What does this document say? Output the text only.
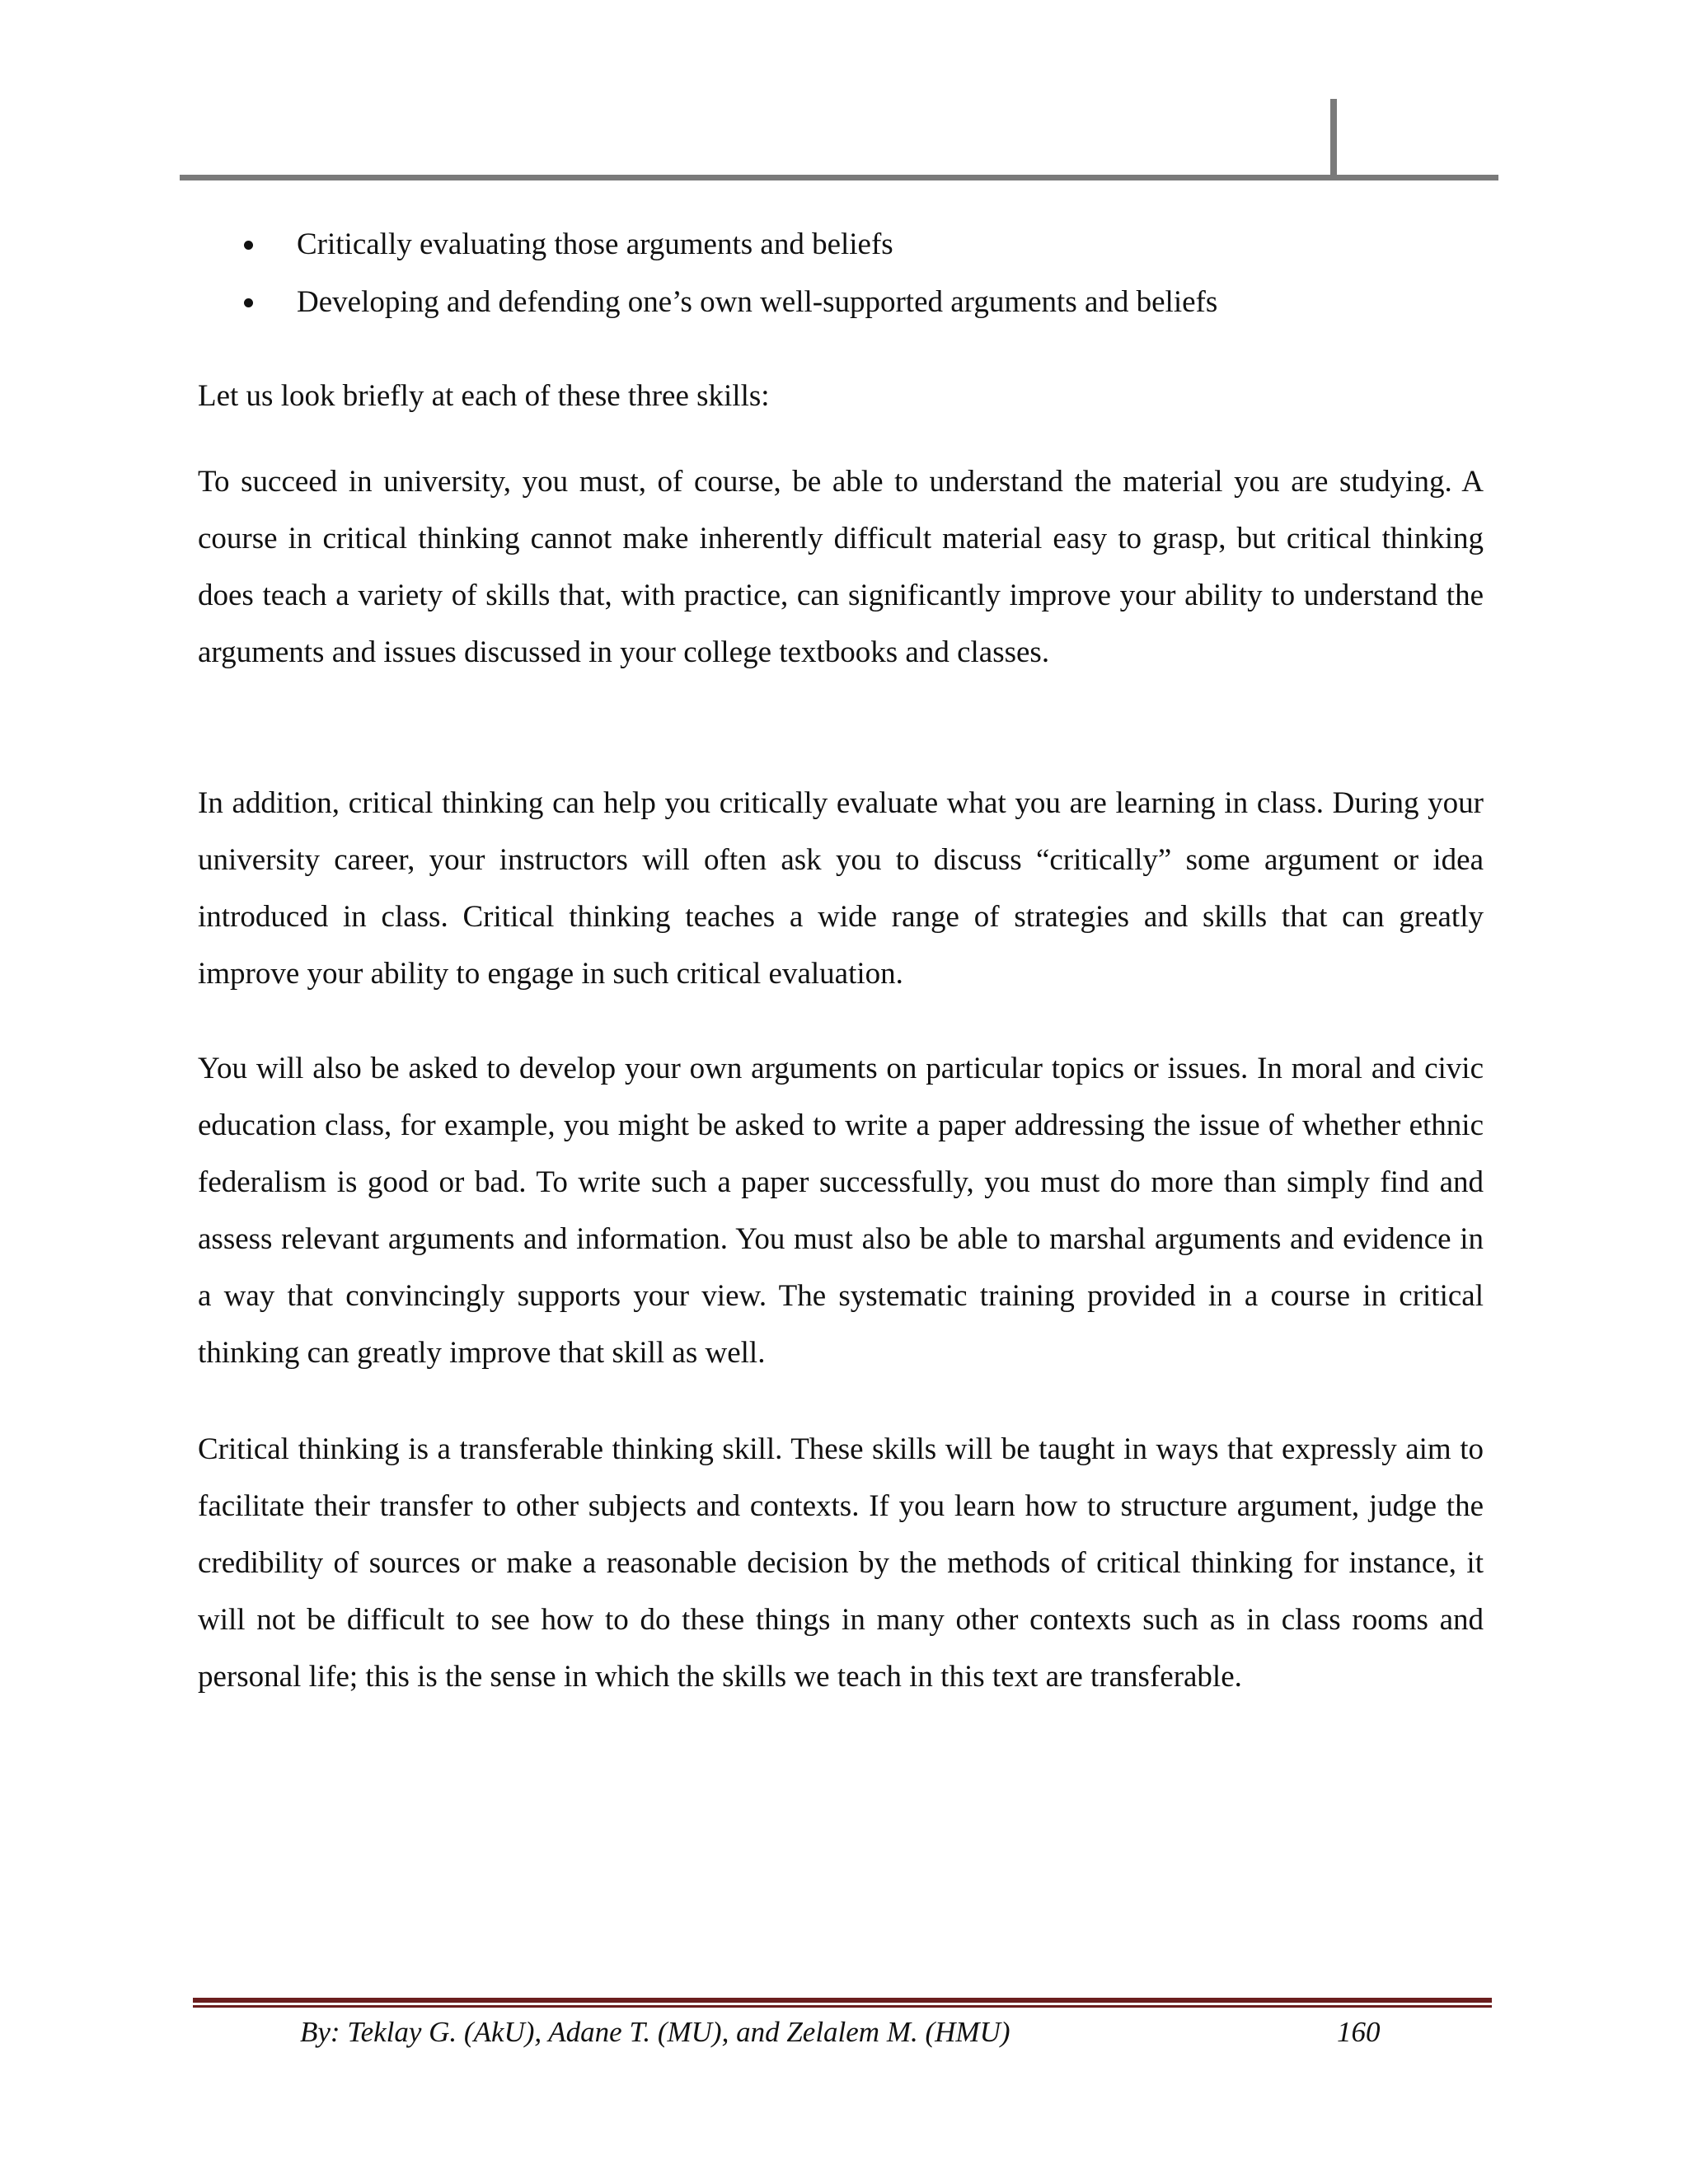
Critically evaluating those arguments and beliefs
Developing and defending one’s own well-supported arguments and beliefs

Let us look briefly at each of these three skills:

To succeed in university, you must, of course, be able to understand the material you are studying. A course in critical thinking cannot make inherently difficult material easy to grasp, but critical thinking does teach a variety of skills that, with practice, can significantly improve your ability to understand the arguments and issues discussed in your college textbooks and classes.

In addition, critical thinking can help you critically evaluate what you are learning in class. During your university career, your instructors will often ask you to discuss “critically” some argument or idea introduced in class. Critical thinking teaches a wide range of strategies and skills that can greatly improve your ability to engage in such critical evaluation.

You will also be asked to develop your own arguments on particular topics or issues. In moral and civic education class, for example, you might be asked to write a paper addressing the issue of whether ethnic federalism is good or bad. To write such a paper successfully, you must do more than simply find and assess relevant arguments and information. You must also be able to marshal arguments and evidence in a way that convincingly supports your view. The systematic training provided in a course in critical thinking can greatly improve that skill as well.

Critical thinking is a transferable thinking skill. These skills will be taught in ways that expressly aim to facilitate their transfer to other subjects and contexts. If you learn how to structure argument, judge the credibility of sources or make a reasonable decision by the methods of critical thinking for instance, it will not be difficult to see how to do these things in many other contexts such as in class rooms and personal life; this is the sense in which the skills we teach in this text are transferable.

By: Teklay G. (AkU), Adane T. (MU), and Zelalem M. (HMU)	160
